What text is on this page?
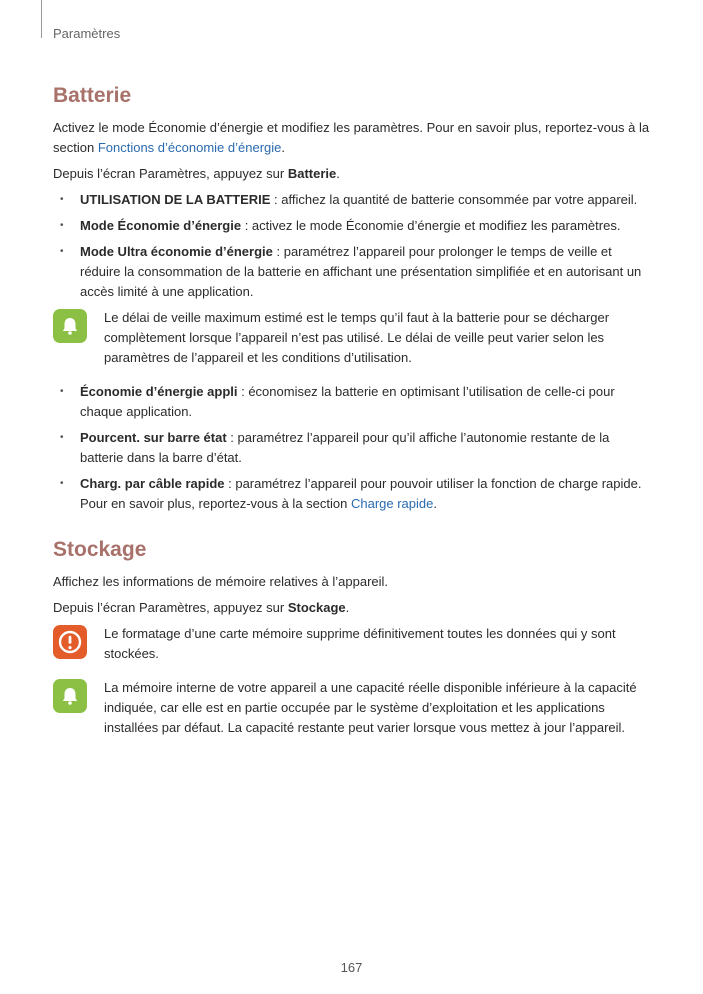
Paramètres
Batterie

Activez le mode Économie d’énergie et modifiez les paramètres. Pour en savoir plus, reportez-vous à la section Fonctions d’économie d’énergie.

Depuis l’écran Paramètres, appuyez sur Batterie.

• UTILISATION DE LA BATTERIE : affichez la quantité de batterie consommée par votre appareil.
• Mode Économie d’énergie : activez le mode Économie d’énergie et modifiez les paramètres.
• Mode Ultra économie d’énergie : paramétrez l’appareil pour prolonger le temps de veille et réduire la consommation de la batterie en affichant une présentation simplifiée et en autorisant un accès limité à une application.
Le délai de veille maximum estimé est le temps qu’il faut à la batterie pour se décharger complètement lorsque l’appareil n’est pas utilisé. Le délai de veille peut varier selon les paramètres de l’appareil et les conditions d’utilisation.
• Économie d’énergie appli : économisez la batterie en optimisant l’utilisation de celle-ci pour chaque application.
• Pourcent. sur barre état : paramétrez l’appareil pour qu’il affiche l’autonomie restante de la batterie dans la barre d’état.
• Charg. par câble rapide : paramétrez l’appareil pour pouvoir utiliser la fonction de charge rapide. Pour en savoir plus, reportez-vous à la section Charge rapide.
Stockage

Affichez les informations de mémoire relatives à l’appareil.

Depuis l’écran Paramètres, appuyez sur Stockage.

Le formatage d’une carte mémoire supprime définitivement toutes les données qui y sont stockées.
La mémoire interne de votre appareil a une capacité réelle disponible inférieure à la capacité indiquée, car elle est en partie occupée par le système d’exploitation et les applications installées par défaut. La capacité restante peut varier lorsque vous mettez à jour l’appareil.
167
